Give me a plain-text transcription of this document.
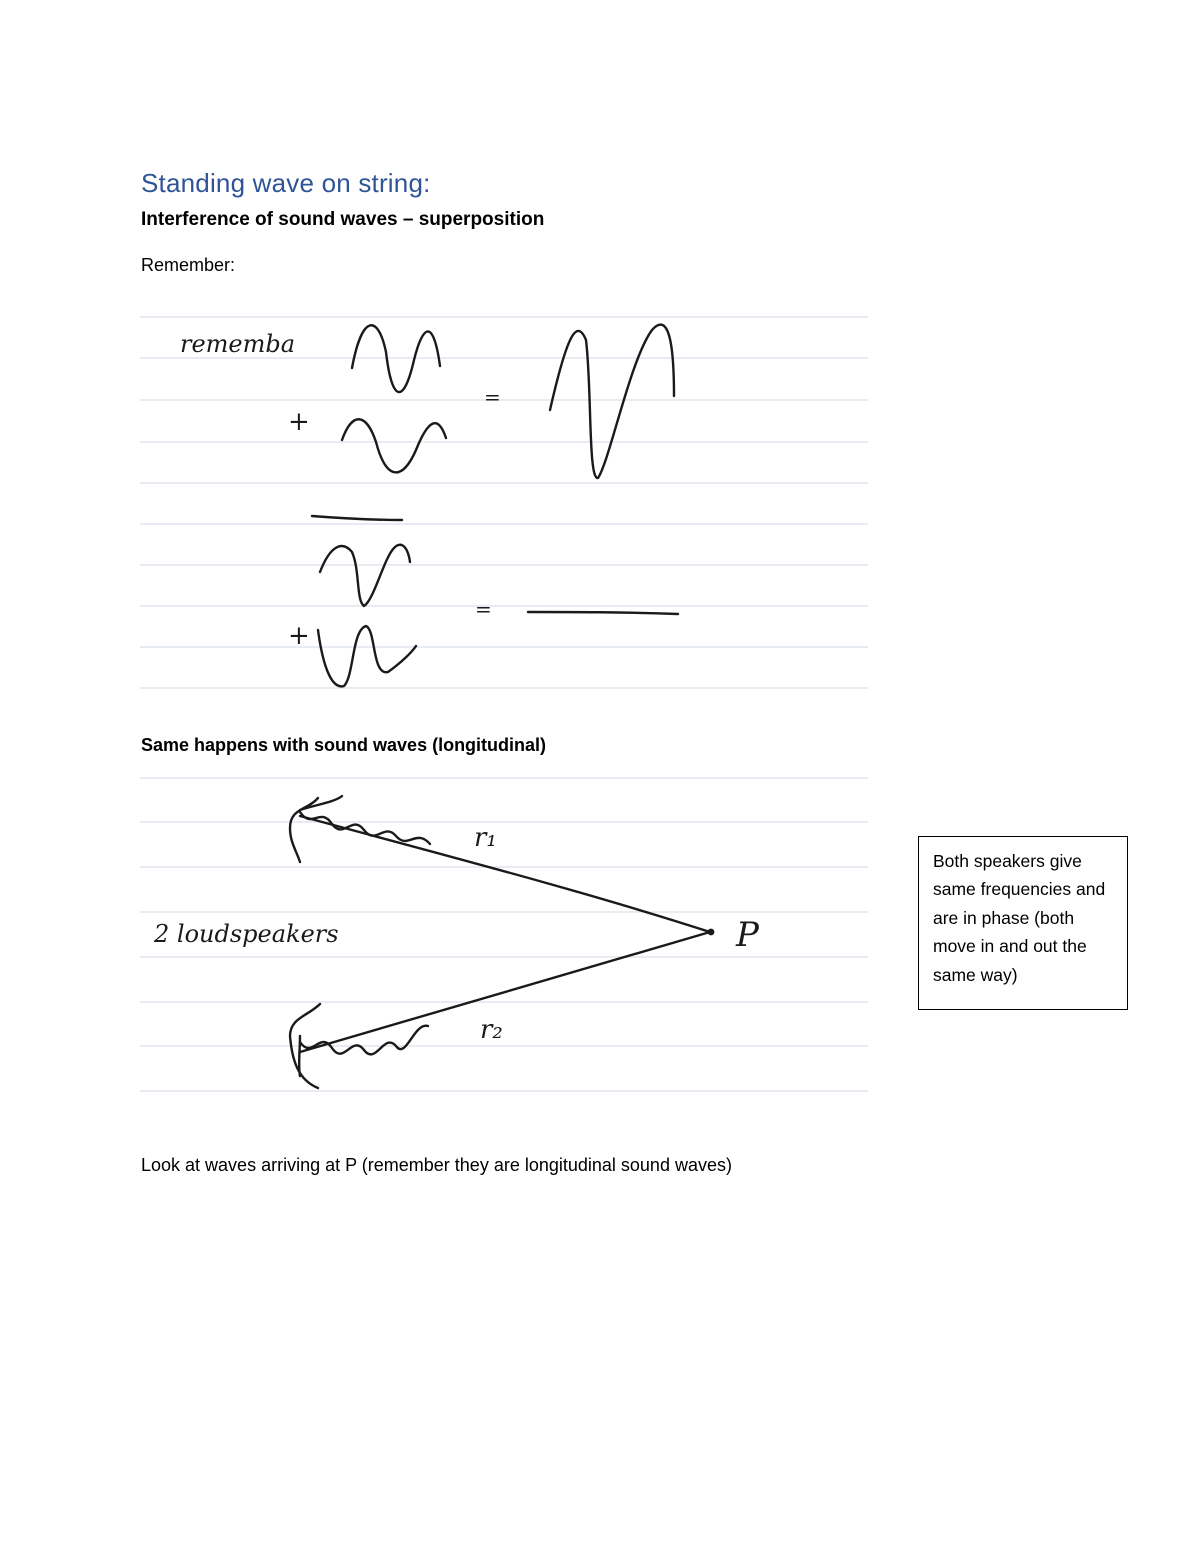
Standing wave on string:

Interference of sound waves – superposition

Remember:

rememba
+
=
=
+

Same happens with sound waves (longitudinal)

r₁
P
2 loudspeakers
r₂
Both speakers give same frequencies and are in phase (both move in and out the same way)

Look at waves arriving at P (remember they are longitudinal sound waves)
